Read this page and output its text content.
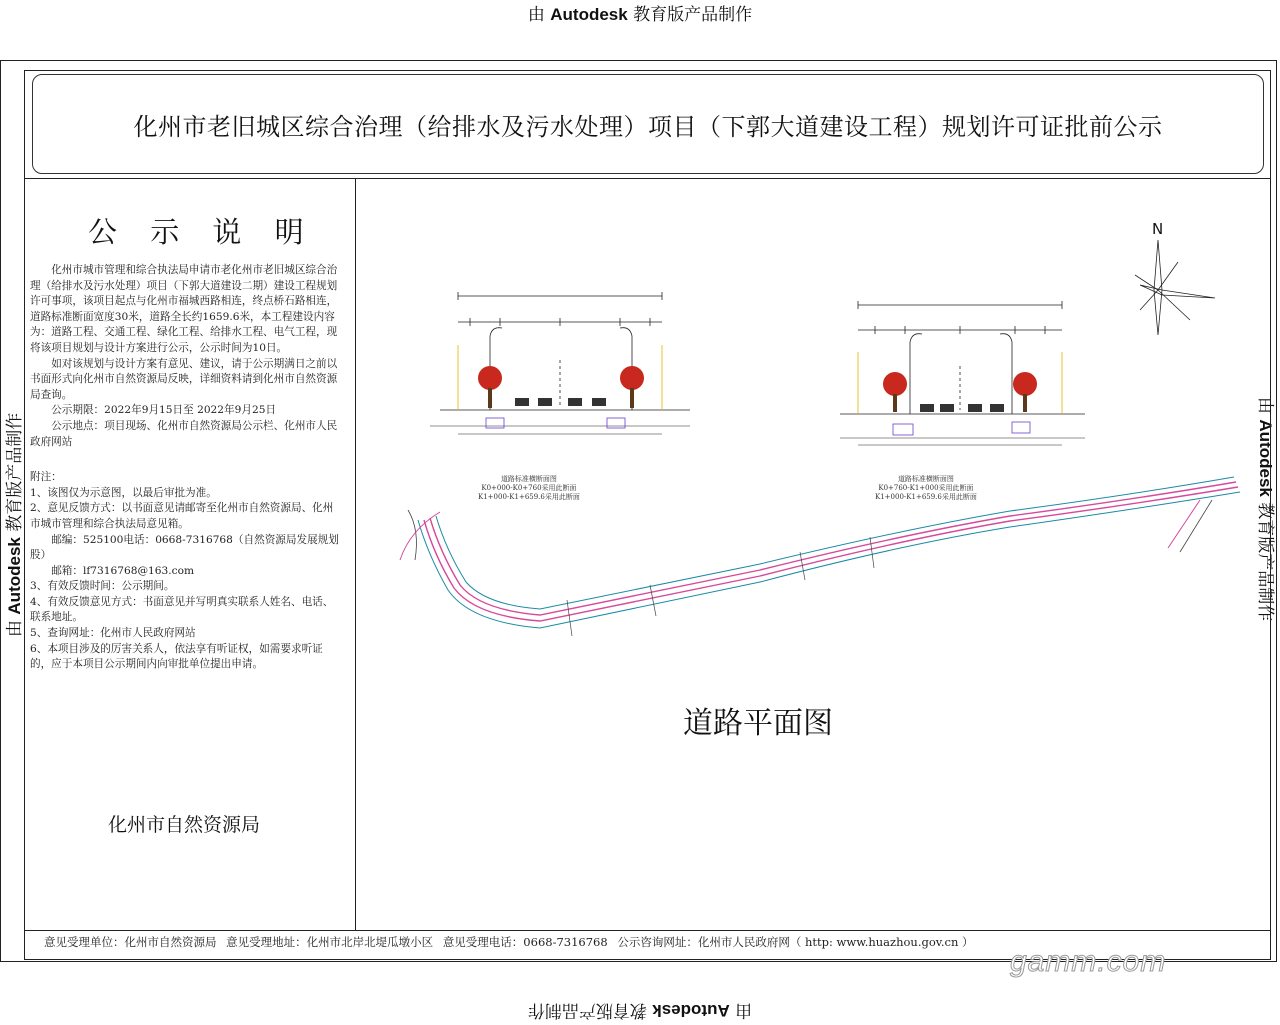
由 Autodesk 教育版产品制作
由 Autodesk 教育版产品制作
由 Autodesk 教育版产品制作
由 Autodesk 教育版产品制作
化州市老旧城区综合治理（给排水及污水处理）项目（下郭大道建设工程）规划许可证批前公示
公 示 说 明

化州市城市管理和综合执法局申请市老化州市老旧城区综合治理（给排水及污水处理）项目（下郭大道建设二期）建设工程规划许可事项，该项目起点与化州市福城西路相连，终点桥石路相连，道路标准断面宽度30米，道路全长约1659.6米，本工程建设内容为：道路工程、交通工程、绿化工程、给排水工程、电气工程，现将该项目规划与设计方案进行公示，公示时间为10日。

如对该规划与设计方案有意见、建议，请于公示期满日之前以书面形式向化州市自然资源局反映，详细资料请到化州市自然资源局查询。

公示期限：2022年9月15日至 2022年9月25日

公示地点：项目现场、化州市自然资源局公示栏、化州市人民政府网站

附注：

1、该图仅为示意图，以最后审批为准。

2、意见反馈方式：以书面意见请邮寄至化州市自然资源局、化州市城市管理和综合执法局意见箱。

邮编：525100电话：0668-7316768（自然资源局发展规划股）

邮箱：lf7316768@163.com

3、有效反馈时间：公示期间。

4、有效反馈意见方式：书面意见并写明真实联系人姓名、电话、联系地址。

5、查询网址：化州市人民政府网站

6、本项目涉及的厉害关系人，依法享有听证权，如需要求听证的，应于本项目公示期间内向审批单位提出申请。

化州市自然资源局
道路标准横断面图
K0+000-K0+760采用此断面
K1+000-K1+659.6采用此断面
道路标准横断面图
K0+760-K1+000采用此断面
K1+000-K1+659.6采用此断面
N
道路平面图
意见受理单位：化州市自然资源局 意见受理地址：化州市北岸北堤瓜墩小区 意见受理电话：0668-7316768 公示咨询网址：化州市人民政府网（ http: www.huazhou.gov.cn ）
gamm.com
